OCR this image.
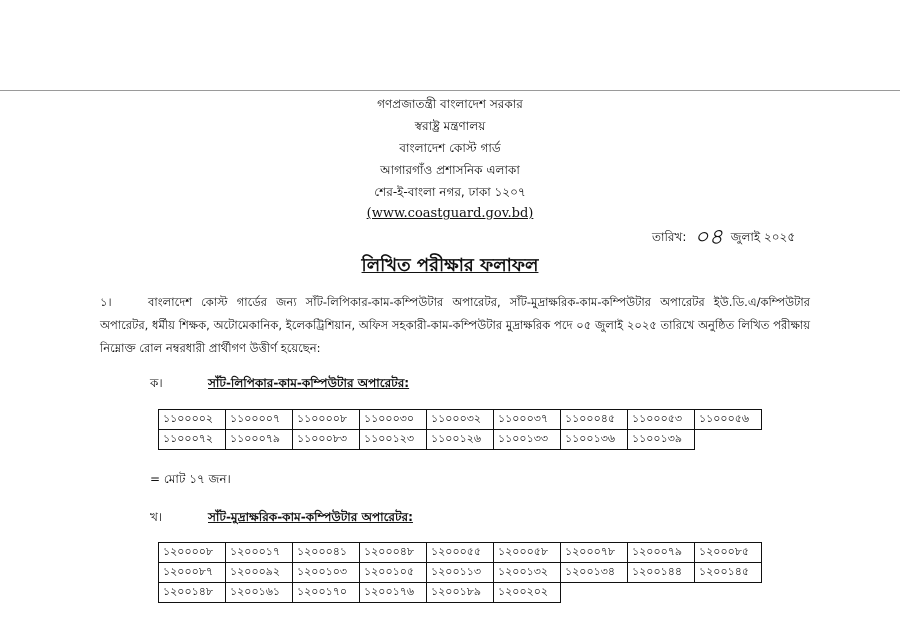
গণপ্রজাতন্ত্রী বাংলাদেশ সরকার
স্বরাষ্ট্র মন্ত্রণালয়
বাংলাদেশ কোস্ট গার্ড
আগারগাঁও প্রশাসনিক এলাকা
শের-ই-বাংলা নগর, ঢাকা ১২০৭
(www.coastguard.gov.bd)
তারিখ: ০৪ জুলাই ২০২৫
লিখিত পরীক্ষার ফলাফল
১।	বাংলাদেশ কোস্ট গার্ডের জন্য সাঁট-লিপিকার-কাম-কম্পিউটার অপারেটর, সাঁট-মুদ্রাক্ষরিক-কাম-কম্পিউটার অপারেটর ইউ.ডি.এ/কম্পিউটার অপারেটর, ধর্মীয় শিক্ষক, অটোমেকানিক, ইলেকট্রিশিয়ান, অফিস সহকারী-কাম-কম্পিউটার মুদ্রাক্ষরিক পদে ০৫ জুলাই ২০২৫ তারিখে অনুষ্ঠিত লিখিত পরীক্ষায় নিম্নোক্ত রোল নম্বরধারী প্রার্থীগণ উত্তীর্ণ হয়েছেন:
ক।	সাঁট-লিপিকার-কাম-কম্পিউটার অপারেটর:
১১০০০০২	১১০০০০৭	১১০০০০৮	১১০০০৩০	১১০০০৩২	১১০০০৩৭	১১০০০৪৫	১১০০০৫৩	১১০০০৫৬
১১০০০৭২	১১০০০৭৯	১১০০০৮৩	১১০০১২৩	১১০০১২৬	১১০০১৩৩	১১০০১৩৬	১১০০১৩৯	
= মোট ১৭ জন।
খ।	সাঁট-মুদ্রাক্ষরিক-কাম-কম্পিউটার অপারেটর:
১২০০০০৮	১২০০০১৭	১২০০০৪১	১২০০০৪৮	১২০০০৫৫	১২০০০৫৮	১২০০০৭৮	১২০০০৭৯	১২০০০৮৫
১২০০০৮৭	১২০০০৯২	১২০০১০৩	১২০০১০৫	১২০০১১৩	১২০০১৩২	১২০০১৩৪	১২০০১৪৪	১২০০১৪৫
১২০০১৪৮	১২০০১৬১	১২০০১৭০	১২০০১৭৬	১২০০১৮৯	১২০০২০২			
